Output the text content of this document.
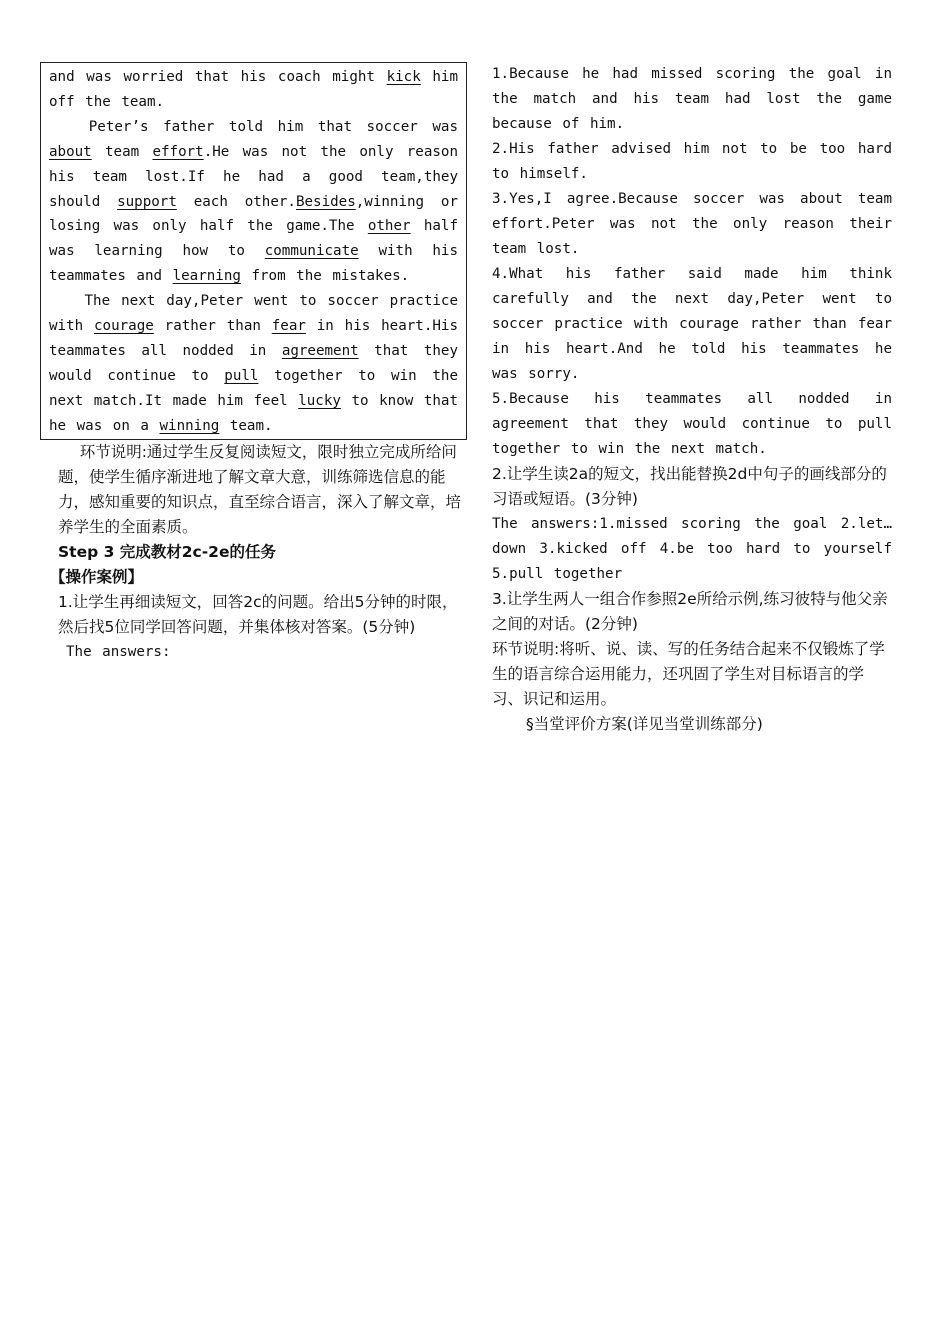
and was worried that his coach might kick him off the team.

Peter’s father told him that soccer was about team effort.He was not the only reason his team lost.If he had a good team,they should support each other.Besides,winning or losing was only half the game.The other half was learning how to communicate with his teammates and learning from the mistakes.

The next day,Peter went to soccer practice with courage rather than fear in his heart.His teammates all nodded in agreement that they would continue to pull together to win the next match.It made him feel lucky to know that he was on a winning team.

环节说明:通过学生反复阅读短文，限时独立完成所给问题，使学生循序渐进地了解文章大意，训练筛选信息的能力，感知重要的知识点，直至综合语言，深入了解文章，培养学生的全面素质。

Step 3 完成教材2c-2e的任务

【操作案例】

1.让学生再细读短文，回答2c的问题。给出5分钟的时限，然后找5位同学回答问题，并集体核对答案。(5分钟)

The answers:

1.Because he had missed scoring the goal in the match and his team had lost the game because of him.

2.His father advised him not to be too hard to himself.

3.Yes,I agree.Because soccer was about team effort.Peter was not the only reason their team lost.

4.What his father said made him think carefully and the next day,Peter went to soccer practice with courage rather than fear in his heart.And he told his teammates he was sorry.

5.Because his teammates all nodded in agreement that they would continue to pull together to win the next match.

2.让学生读2a的短文，找出能替换2d中句子的画线部分的习语或短语。(3分钟)

The answers:1.missed scoring the goal 2.let…down 3.kicked off 4.be too hard to yourself 5.pull together

3.让学生两人一组合作参照2e所给示例,练习彼特与他父亲之间的对话。(2分钟)

环节说明:将听、说、读、写的任务结合起来不仅锻炼了学生的语言综合运用能力，还巩固了学生对目标语言的学习、识记和运用。

§当堂评价方案(详见当堂训练部分)
